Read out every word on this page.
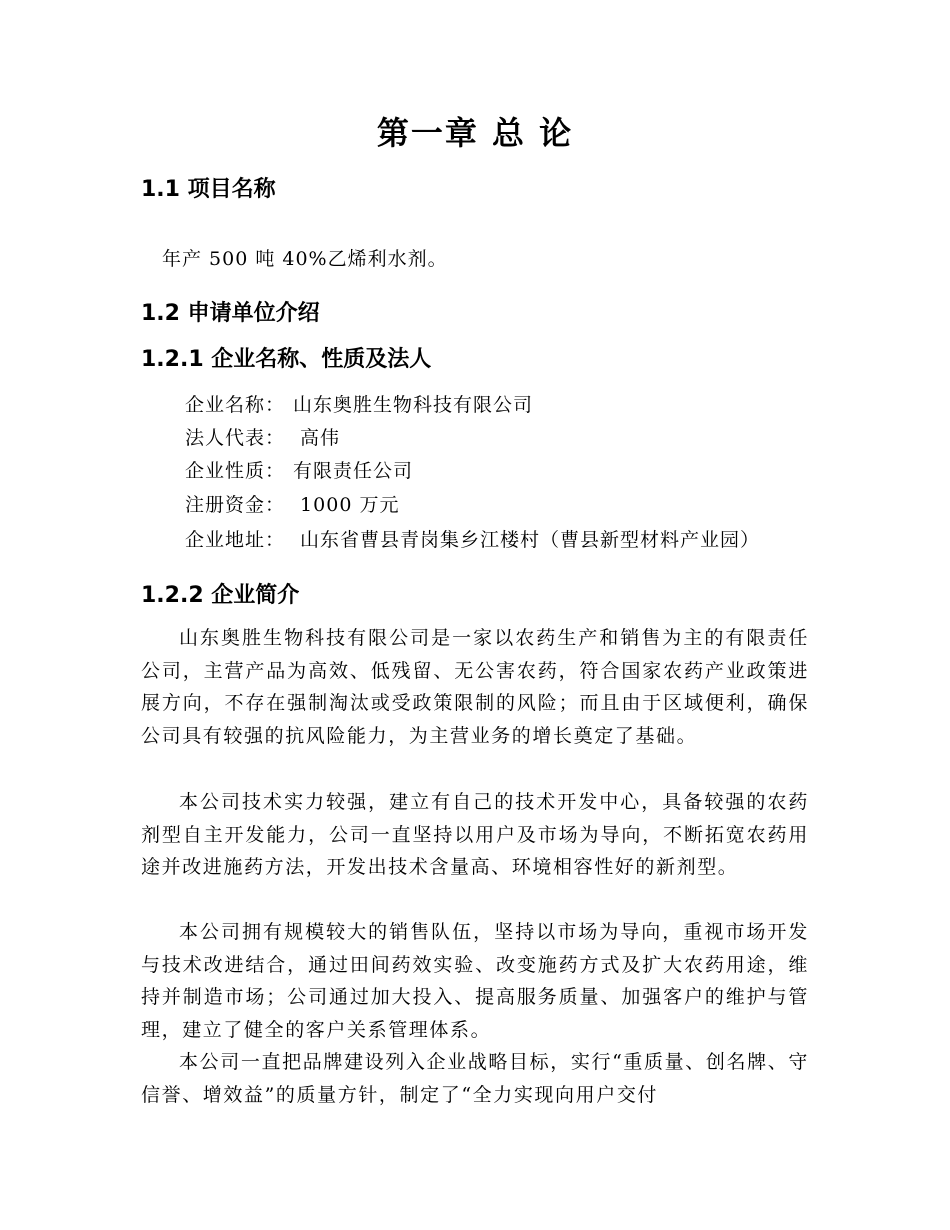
第一章 总 论
1.1 项目名称
年产 500 吨 40%乙烯利水剂。
1.2 申请单位介绍
1.2.1 企业名称、性质及法人
企业名称： 山东奥胜生物科技有限公司
法人代表： 高伟
企业性质： 有限责任公司
注册资金： 1000 万元
企业地址： 山东省曹县青岗集乡江楼村（曹县新型材料产业园）
1.2.2 企业简介

山东奥胜生物科技有限公司是一家以农药生产和销售为主的有限责任公司，主营产品为高效、低残留、无公害农药，符合国家农药产业政策进展方向，不存在强制淘汰或受政策限制的风险；而且由于区域便利，确保公司具有较强的抗风险能力，为主营业务的增长奠定了基础。

本公司技术实力较强，建立有自己的技术开发中心，具备较强的农药剂型自主开发能力，公司一直坚持以用户及市场为导向，不断拓宽农药用途并改进施药方法，开发出技术含量高、环境相容性好的新剂型。

本公司拥有规模较大的销售队伍，坚持以市场为导向，重视市场开发与技术改进结合，通过田间药效实验、改变施药方式及扩大农药用途，维持并制造市场；公司通过加大投入、提高服务质量、加强客户的维护与管理，建立了健全的客户关系管理体系。

本公司一直把品牌建设列入企业战略目标，实行“重质量、创名牌、守信誉、增效益”的质量方针，制定了“全力实现向用户交付
